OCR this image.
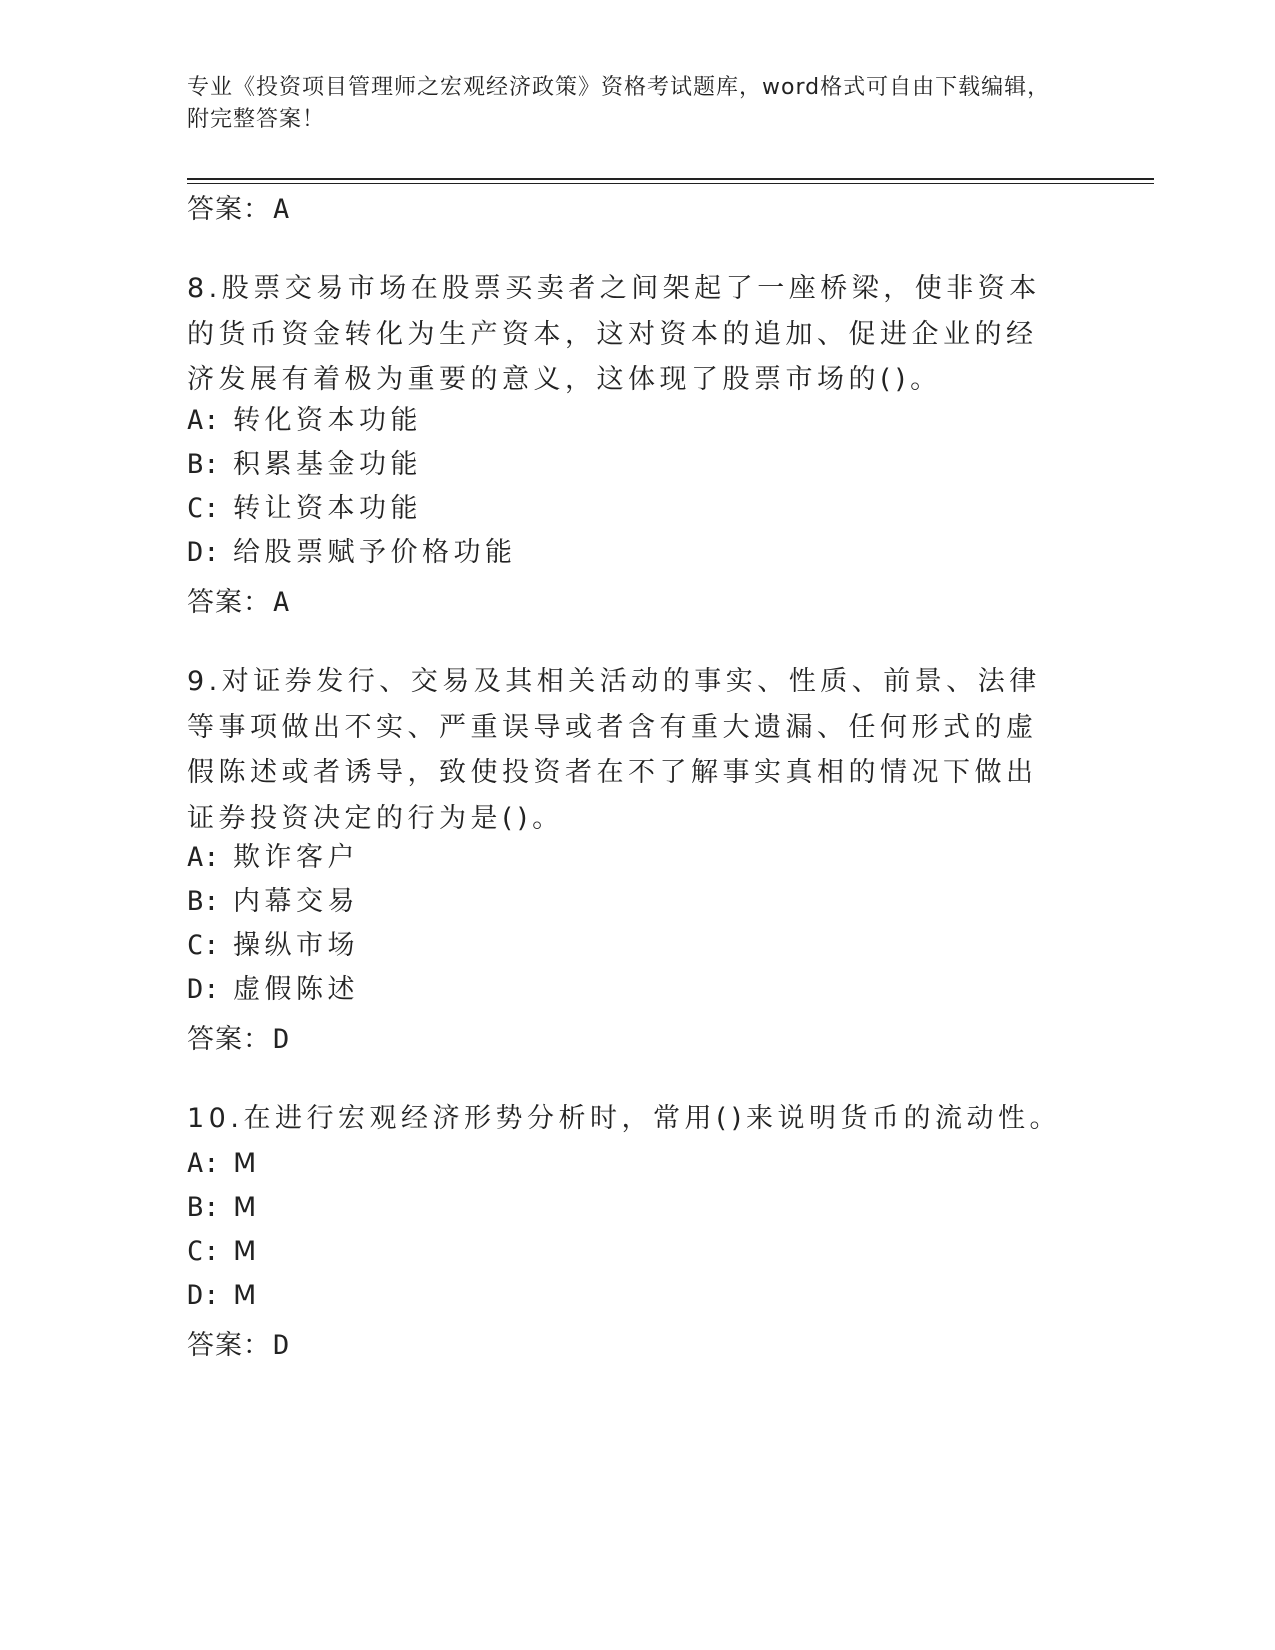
专业《投资项目管理师之宏观经济政策》资格考试题库，word格式可自由下载编辑，附完整答案！
答案：A
8.股票交易市场在股票买卖者之间架起了一座桥梁，使非资本的货币资金转化为生产资本，这对资本的追加、促进企业的经济发展有着极为重要的意义，这体现了股票市场的()。
A: 转化资本功能
B: 积累基金功能
C: 转让资本功能
D: 给股票赋予价格功能
答案：A
9.对证券发行、交易及其相关活动的事实、性质、前景、法律等事项做出不实、严重误导或者含有重大遗漏、任何形式的虚假陈述或者诱导，致使投资者在不了解事实真相的情况下做出证券投资决定的行为是()。
A: 欺诈客户
B: 内幕交易
C: 操纵市场
D: 虚假陈述
答案：D
10.在进行宏观经济形势分析时，常用()来说明货币的流动性。
A: M
B: M
C: M
D: M
答案：D
